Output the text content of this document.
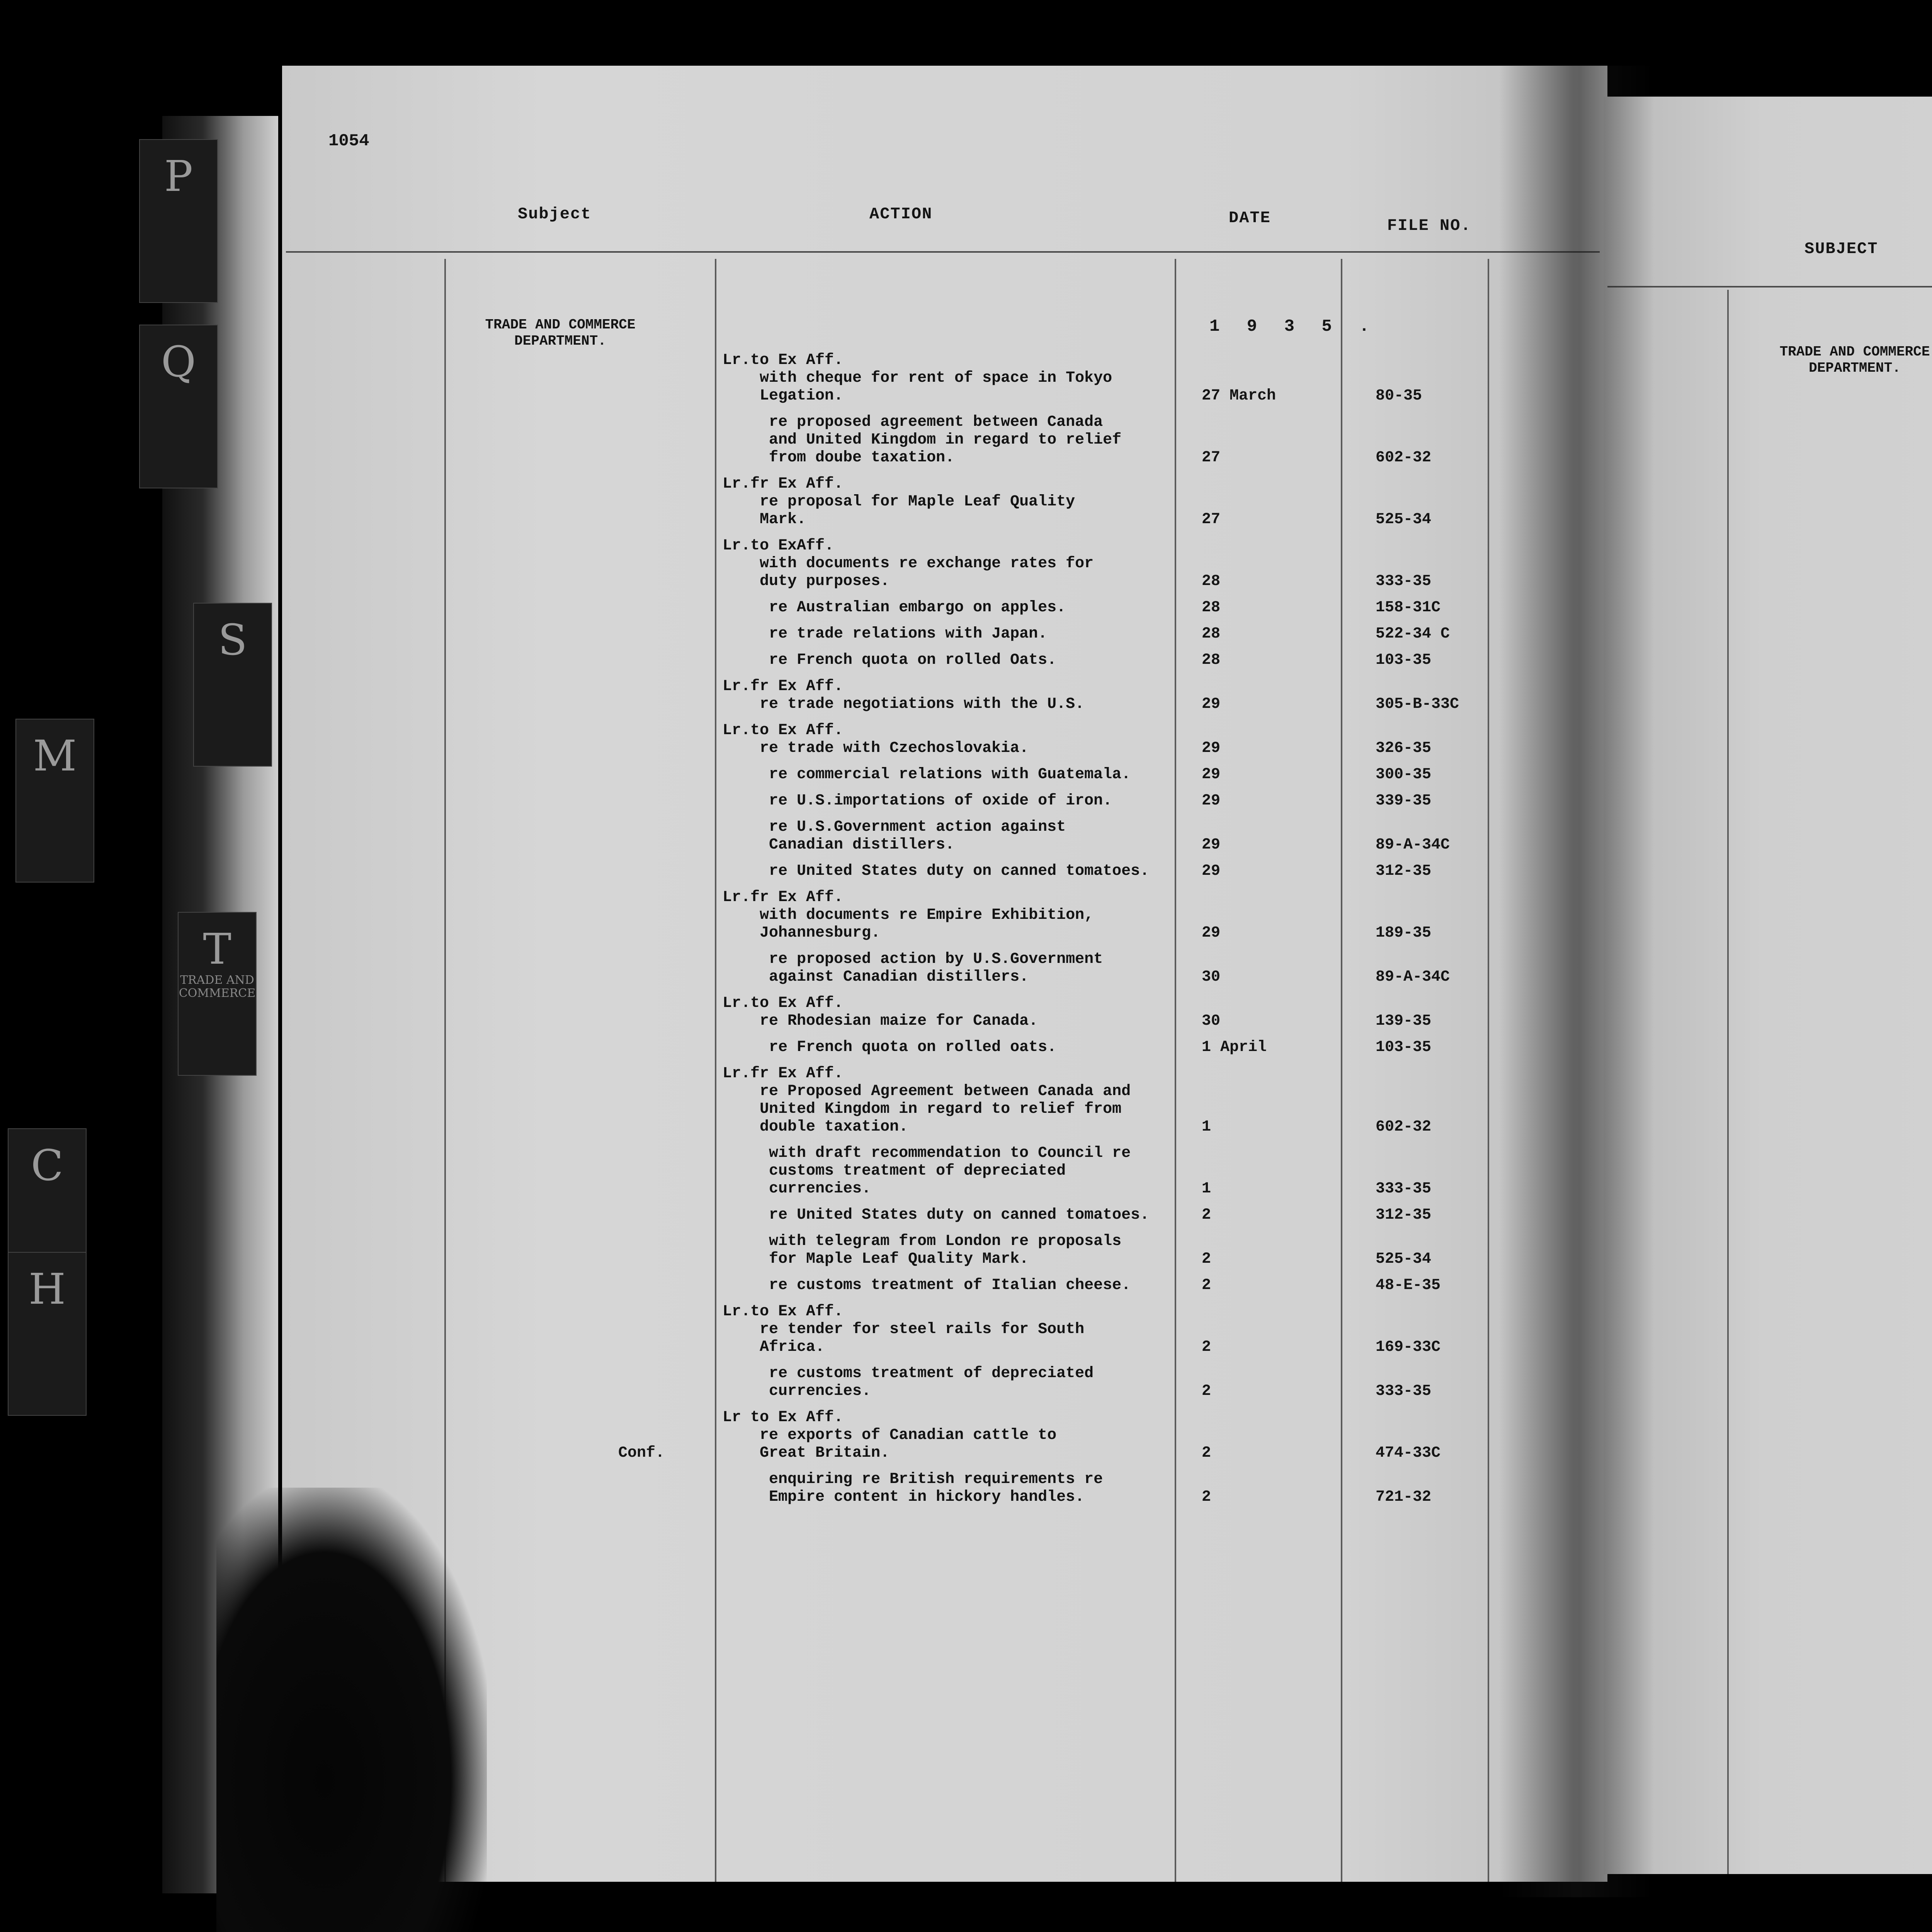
P
Q
S
M
T
TRADE AND COMMERCE
C
H
1054
Subject	ACTION	DATE	FILE NO.
TRADE AND COMMERCE
DEPARTMENT.
1 9 3 5 .
Lr.to Ex Aff.
with cheque for rent of space in Tokyo
Legation.	27 March	80-35
re proposed agreement between Canada
and United Kingdom in regard to relief
from doube taxation.	27	602-32
Lr.fr Ex Aff.
re proposal for Maple Leaf Quality
Mark.	27	525-34
Lr.to ExAff.
with documents re exchange rates for
duty purposes.	28	333-35
re Australian embargo on apples.	28	158-31C
re trade relations with Japan.	28	522-34 C
re French quota on rolled Oats.	28	103-35
Lr.fr Ex Aff.
re trade negotiations with the U.S.	29	305-B-33C
Lr.to Ex Aff.
re trade with Czechoslovakia.	29	326-35
re commercial relations with Guatemala.	29	300-35
re U.S.importations of oxide of iron.	29	339-35
re U.S.Government action against
Canadian distillers.	29	89-A-34C
re United States duty on canned tomatoes.	29	312-35
Lr.fr Ex Aff.
with documents re Empire Exhibition,
Johannesburg.	29	189-35
re proposed action by U.S.Government
against Canadian distillers.	30	89-A-34C
Lr.to Ex Aff.
re Rhodesian maize for Canada.	30	139-35
re French quota on rolled oats.	1 April	103-35
Lr.fr Ex Aff.
re Proposed Agreement between Canada and
United Kingdom in regard to relief from
double taxation.	1	602-32
with draft recommendation to Council re
customs treatment of depreciated
currencies.	1	333-35
re United States duty on canned tomatoes.	2	312-35
with telegram from London re proposals
for Maple Leaf Quality Mark.	2	525-34
re customs treatment of Italian cheese.	2	48-E-35
Lr.to Ex Aff.
re tender for steel rails for South
Africa.	2	169-33C
re customs treatment of depreciated
currencies.	2	333-35
Conf.
Lr to Ex Aff.
re exports of Canadian cattle to
Great Britain.	2	474-33C
enquiring re British requirements re
Empire content in hickory handles.	2	721-32
SUBJECT
TRADE AND COMMERCE
DEPARTMENT.
